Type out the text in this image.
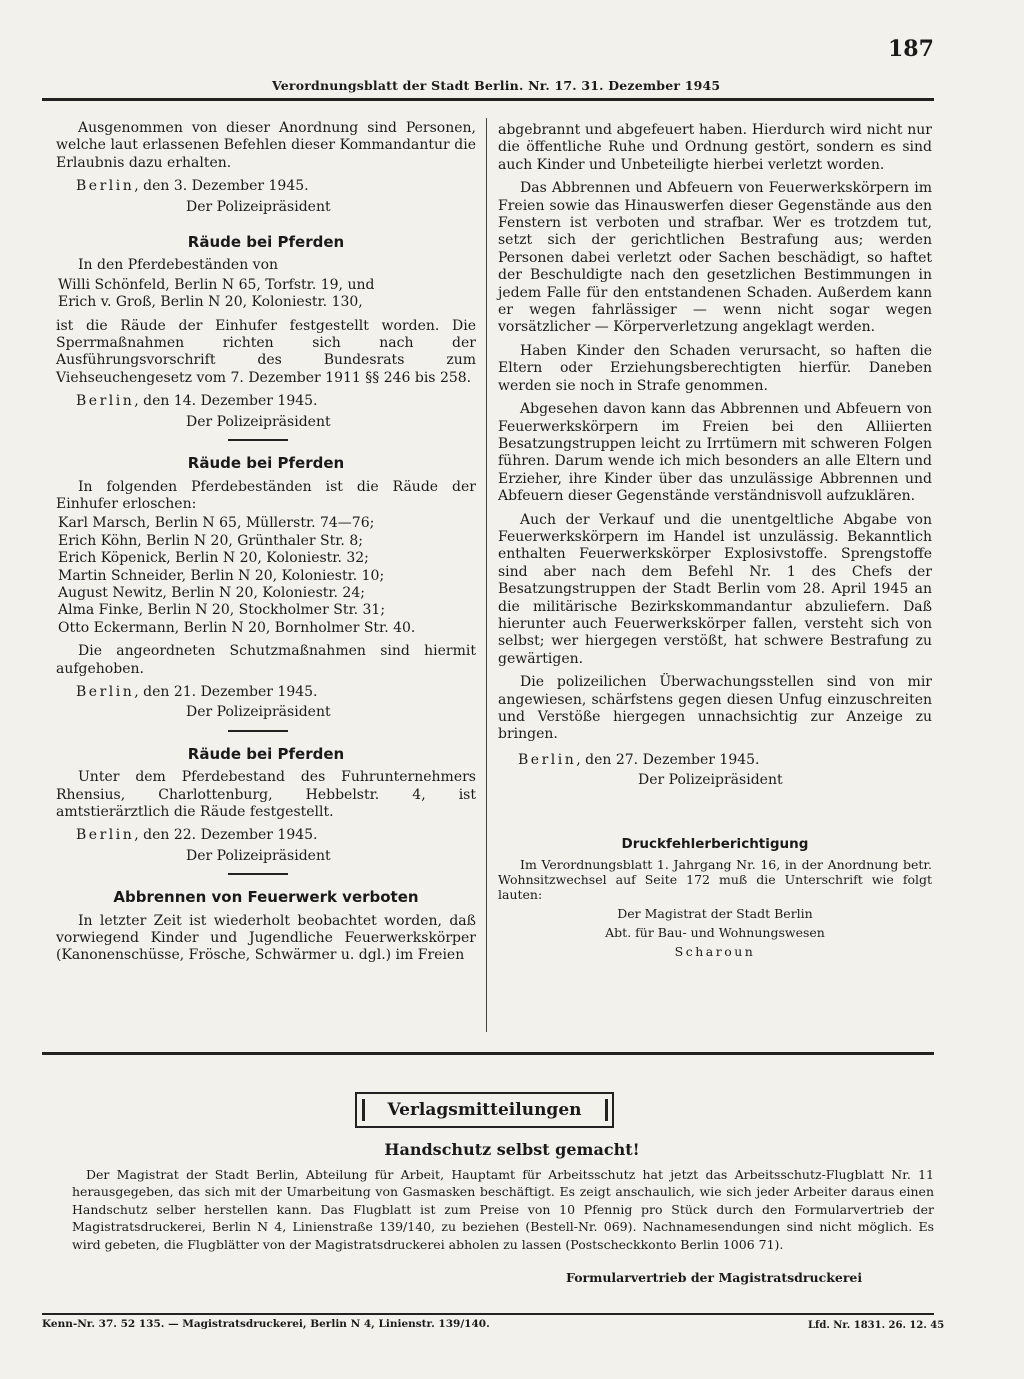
187
Verordnungsblatt der Stadt Berlin. Nr. 17. 31. Dezember 1945

Ausgenommen von dieser Anordnung sind Personen, welche laut erlassenen Befehlen dieser Kommandantur die Erlaubnis dazu erhalten.

Berlin, den 3. Dezember 1945.
Der Polizeipräsident
Räude bei Pferden

In den Pferdebeständen von

Willi Schönfeld, Berlin N 65, Torfstr. 19, und
Erich v. Groß, Berlin N 20, Koloniestr. 130,

ist die Räude der Einhufer festgestellt worden. Die Sperrmaßnahmen richten sich nach der Ausführungsvorschrift des Bundesrats zum Viehseuchengesetz vom 7. Dezember 1911 §§ 246 bis 258.

Berlin, den 14. Dezember 1945.
Der Polizeipräsident
Räude bei Pferden

In folgenden Pferdebeständen ist die Räude der Einhufer erloschen:

Karl Marsch, Berlin N 65, Müllerstr. 74—76;
Erich Köhn, Berlin N 20, Grünthaler Str. 8;
Erich Köpenick, Berlin N 20, Koloniestr. 32;
Martin Schneider, Berlin N 20, Koloniestr. 10;
August Newitz, Berlin N 20, Koloniestr. 24;
Alma Finke, Berlin N 20, Stockholmer Str. 31;
Otto Eckermann, Berlin N 20, Bornholmer Str. 40.

Die angeordneten Schutzmaßnahmen sind hiermit aufgehoben.

Berlin, den 21. Dezember 1945.
Der Polizeipräsident
Räude bei Pferden

Unter dem Pferdebestand des Fuhrunternehmers Rhensius, Charlottenburg, Hebbelstr. 4, ist amtstierärztlich die Räude festgestellt.

Berlin, den 22. Dezember 1945.
Der Polizeipräsident
Abbrennen von Feuerwerk verboten

In letzter Zeit ist wiederholt beobachtet worden, daß vorwiegend Kinder und Jugendliche Feuerwerkskörper (Kanonenschüsse, Frösche, Schwärmer u. dgl.) im Freien

abgebrannt und abgefeuert haben. Hierdurch wird nicht nur die öffentliche Ruhe und Ordnung gestört, sondern es sind auch Kinder und Unbeteiligte hierbei verletzt worden.

Das Abbrennen und Abfeuern von Feuerwerkskörpern im Freien sowie das Hinauswerfen dieser Gegenstände aus den Fenstern ist verboten und strafbar. Wer es trotzdem tut, setzt sich der gerichtlichen Bestrafung aus; werden Personen dabei verletzt oder Sachen beschädigt, so haftet der Beschuldigte nach den gesetzlichen Bestimmungen in jedem Falle für den entstandenen Schaden. Außerdem kann er wegen fahrlässiger — wenn nicht sogar wegen vorsätzlicher — Körperverletzung angeklagt werden.

Haben Kinder den Schaden verursacht, so haften die Eltern oder Erziehungsberechtigten hierfür. Daneben werden sie noch in Strafe genommen.

Abgesehen davon kann das Abbrennen und Abfeuern von Feuerwerkskörpern im Freien bei den Alliierten Besatzungstruppen leicht zu Irrtümern mit schweren Folgen führen. Darum wende ich mich besonders an alle Eltern und Erzieher, ihre Kinder über das unzulässige Abbrennen und Abfeuern dieser Gegenstände verständnisvoll aufzuklären.

Auch der Verkauf und die unentgeltliche Abgabe von Feuerwerkskörpern im Handel ist unzulässig. Bekanntlich enthalten Feuerwerkskörper Explosivstoffe. Sprengstoffe sind aber nach dem Befehl Nr. 1 des Chefs der Besatzungstruppen der Stadt Berlin vom 28. April 1945 an die militärische Bezirkskommandantur abzuliefern. Daß hierunter auch Feuerwerkskörper fallen, versteht sich von selbst; wer hiergegen verstößt, hat schwere Bestrafung zu gewärtigen.

Die polizeilichen Überwachungsstellen sind von mir angewiesen, schärfstens gegen diesen Unfug einzuschreiten und Verstöße hiergegen unnachsichtig zur Anzeige zu bringen.

Berlin, den 27. Dezember 1945.
Der Polizeipräsident
Druckfehlerberichtigung

Im Verordnungsblatt 1. Jahrgang Nr. 16, in der Anordnung betr. Wohnsitzwechsel auf Seite 172 muß die Unterschrift wie folgt lauten:

Der Magistrat der Stadt Berlin
Abt. für Bau- und Wohnungswesen
Scharoun
Verlagsmitteilungen
Handschutz selbst gemacht!

Der Magistrat der Stadt Berlin, Abteilung für Arbeit, Hauptamt für Arbeitsschutz hat jetzt das Arbeitsschutz-Flugblatt Nr. 11 herausgegeben, das sich mit der Umarbeitung von Gasmasken beschäftigt. Es zeigt anschaulich, wie sich jeder Arbeiter daraus einen Handschutz selber herstellen kann. Das Flugblatt ist zum Preise von 10 Pfennig pro Stück durch den Formularvertrieb der Magistratsdruckerei, Berlin N 4, Linienstraße 139/140, zu beziehen (Bestell-Nr. 069). Nachnamesendungen sind nicht möglich. Es wird gebeten, die Flugblätter von der Magistratsdruckerei abholen zu lassen (Postscheckkonto Berlin 1006 71).

Formularvertrieb der Magistratsdruckerei
Kenn-Nr. 37. 52 135. — Magistratsdruckerei, Berlin N 4, Linienstr. 139/140.	Lfd. Nr. 1831. 26. 12. 45
